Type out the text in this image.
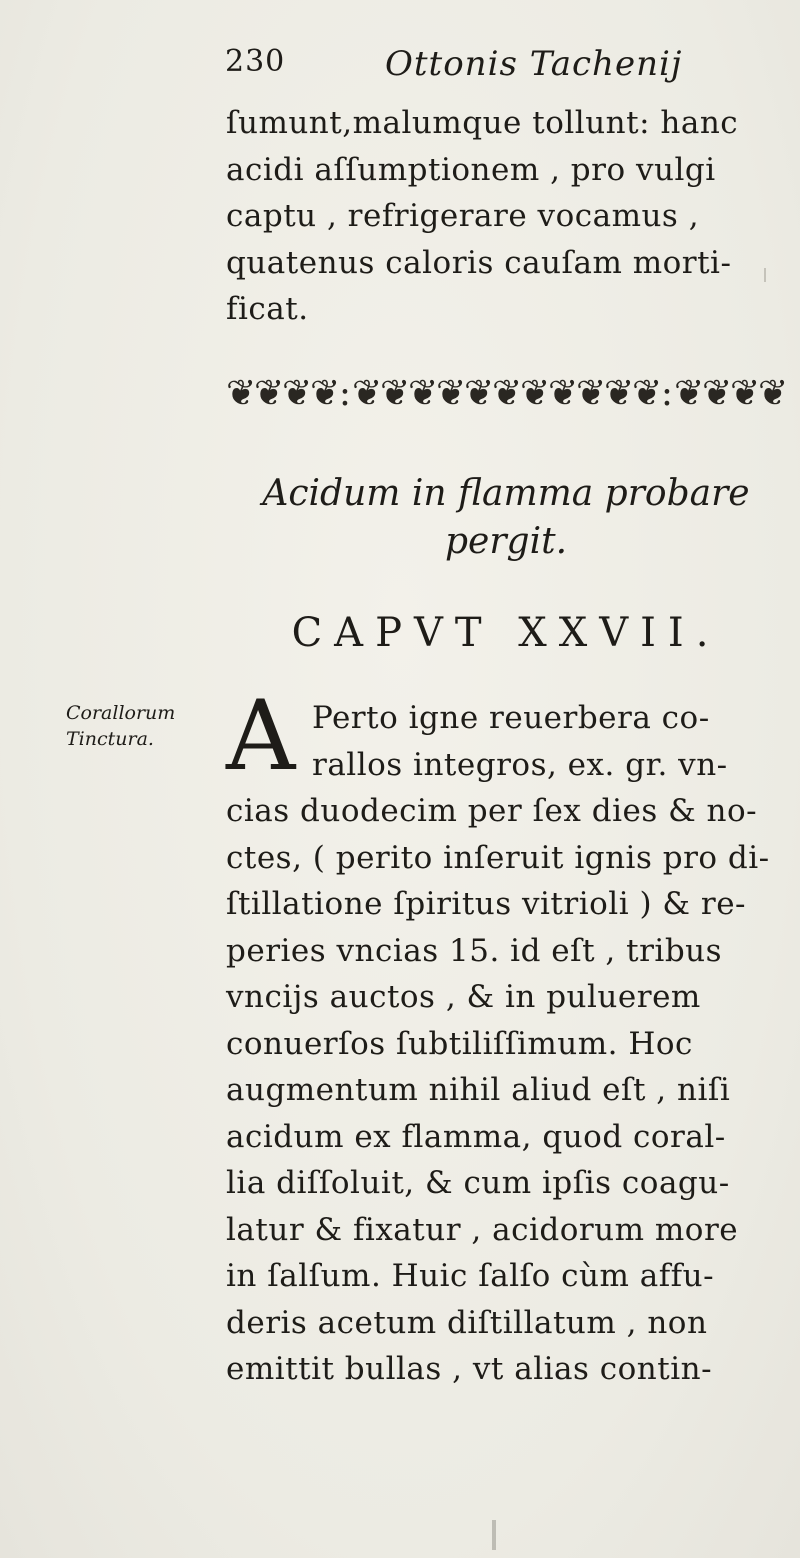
230	Ottonis Tachenij
ſumunt,malumque tollunt: hanc
acidi aſſumptionem , pro vulgi
captu , refrigerare vocamus ,
quatenus caloris cauſam morti-
ficat.
❦
❦
❦
❦
: ❦
❦
❦
❦
❦
❦
❦
❦
❦
❦
❦
: ❦
❦
❦
❦
Acidum in flamma probare
pergit.
CAPVT XXVII.
Corallorum
Tinctura. A Perto igne reuerbera co-
rallos integros, ex. gr. vn-
cias duodecim per ſex dies & no-
ctes, ( perito inſeruit ignis pro di-
ſtillatione ſpiritus vitrioli ) & re-
peries vncias 15. id eſt , tribus
vncijs auctos , & in puluerem
conuerſos ſubtiliſſimum. Hoc
augmentum nihil aliud eſt , niſi
acidum ex flamma, quod coral-
lia diſſoluit, & cum ipſis coagu-
latur & fixatur , acidorum more
in ſalſum. Huic ſalſo cùm affu-
deris acetum diſtillatum , non
emittit bullas , vt alias contin-
